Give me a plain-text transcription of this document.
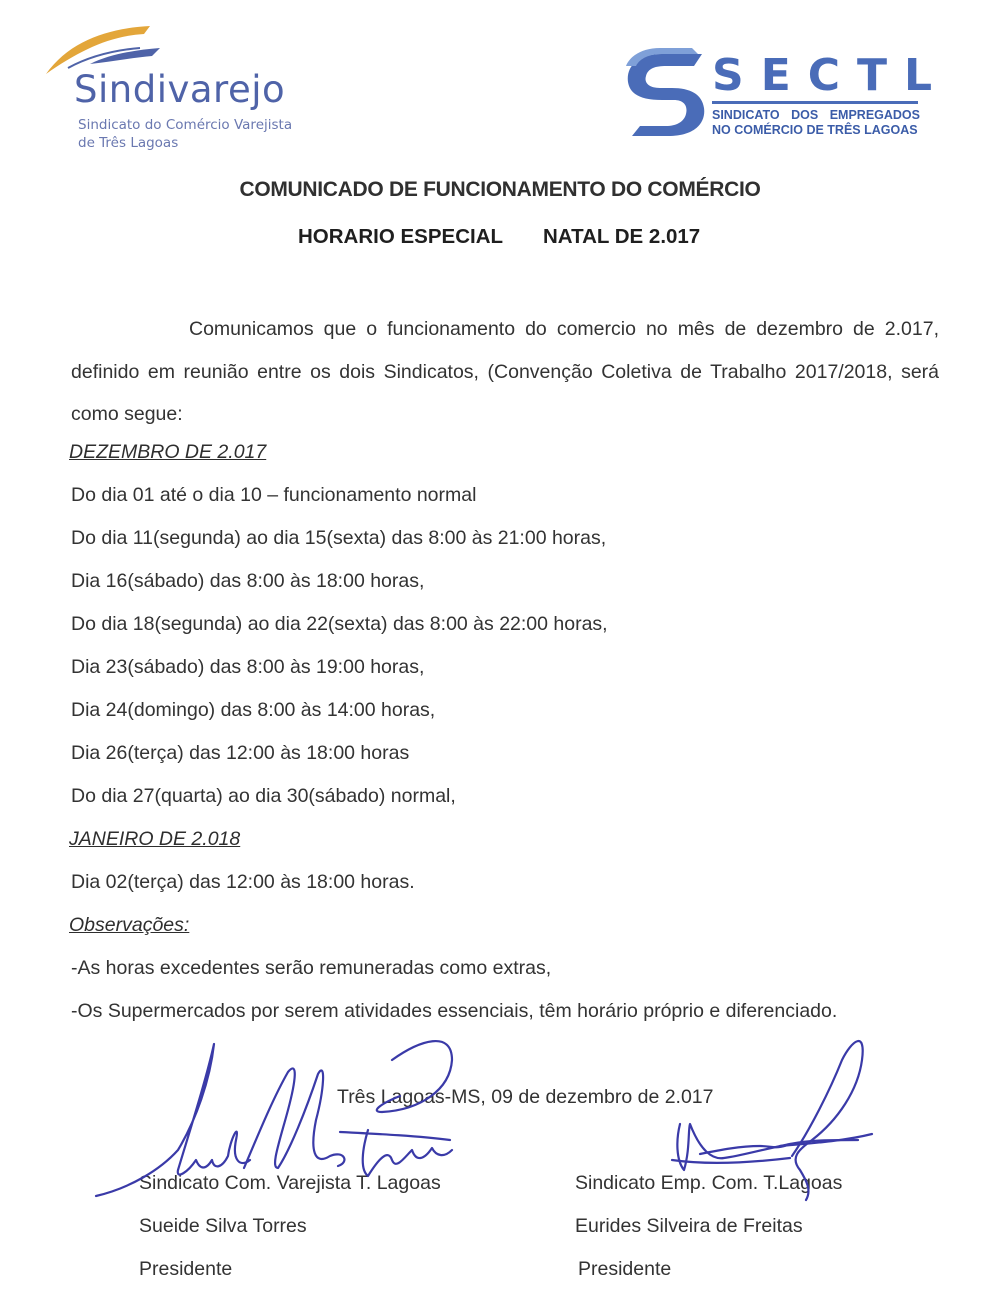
Sindivarejo
Sindicato do Comércio Varejista
de Três Lagoas
SECTL
SINDICATO DOS EMPREGADOS
NO COMÉRCIO DE TRÊS LAGOAS
COMUNICADO DE FUNCIONAMENTO DO COMÉRCIO
HORARIO ESPECIAL NATAL DE 2.017
Comunicamos que o funcionamento do comercio no mês de dezembro de 2.017, definido em reunião entre os dois Sindicatos, (Convenção Coletiva de Trabalho 2017/2018, será como segue:
DEZEMBRO DE 2.017
Do dia 01 até o dia 10 – funcionamento normal
Do dia 11(segunda) ao dia 15(sexta) das 8:00 às 21:00 horas,
Dia 16(sábado) das 8:00 às 18:00 horas,
Do dia 18(segunda) ao dia 22(sexta) das 8:00 às 22:00 horas,
Dia 23(sábado) das 8:00 às 19:00 horas,
Dia 24(domingo) das 8:00 às 14:00 horas,
Dia 26(terça) das 12:00 às 18:00 horas
Do dia 27(quarta) ao dia 30(sábado) normal,
JANEIRO DE 2.018
Dia 02(terça) das 12:00 às 18:00 horas.
Observações:
-As horas excedentes serão remuneradas como extras,
-Os Supermercados por serem atividades essenciais, têm horário próprio e diferenciado.
Três Lagoas-MS, 09 de dezembro de 2.017
Sindicato Com. Varejista T. Lagoas
Sueide Silva Torres
Presidente
Sindicato Emp. Com. T.Lagoas
Eurides Silveira de Freitas
Presidente
